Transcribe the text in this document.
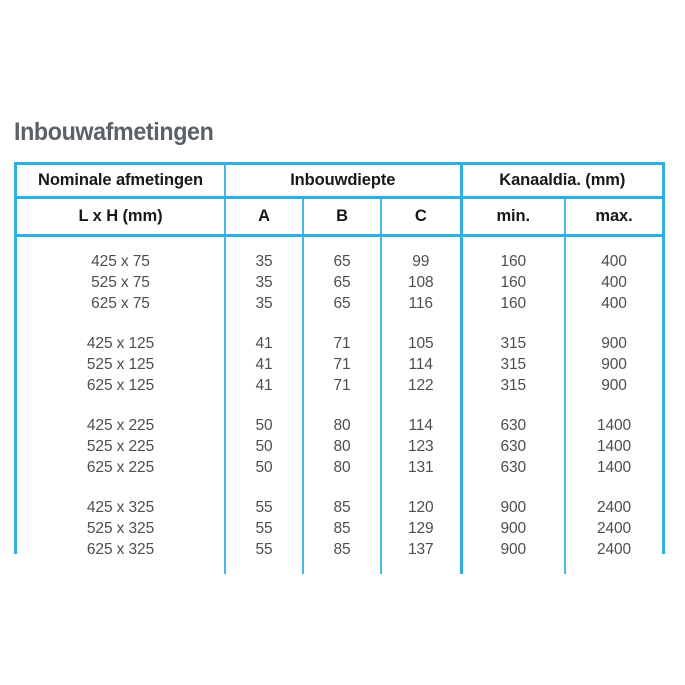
Inbouwafmetingen
Nominale afmetingen	Inbouwdiepte			Kanaaldia. (mm)	
L x H (mm)	A	B	C	min.	max.

425 x 75	35	65	99	160	400
525 x 75	35	65	108	160	400
625 x 75	35	65	116	160	400

425 x 125	41	71	105	315	900
525 x 125	41	71	114	315	900
625 x 125	41	71	122	315	900

425 x 225	50	80	114	630	1400
525 x 225	50	80	123	630	1400
625 x 225	50	80	131	630	1400

425 x 325	55	85	120	900	2400
525 x 325	55	85	129	900	2400
625 x 325	55	85	137	900	2400
